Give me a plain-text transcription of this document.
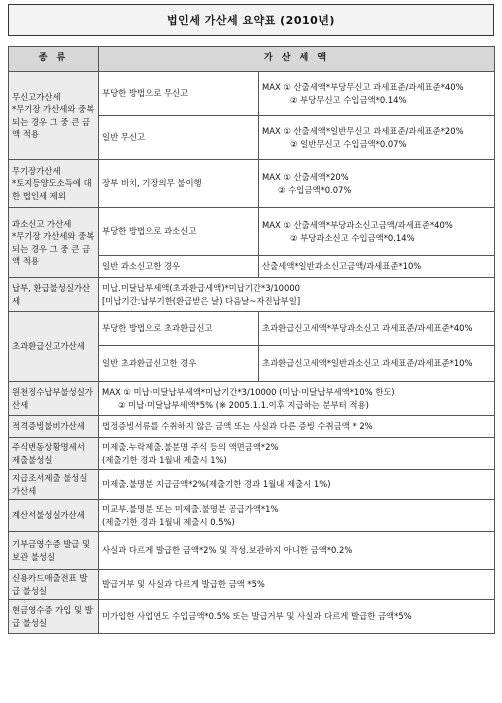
법인세 가산세 요약표 (2010년)
종 류	가 산 세 액	

무신고가산세
*무기장 가산세와 중복되는 경우 그 중 큰 금액 적용	부당한 방법으로 무신고	MAX ① 산출세액*부당무신고 과세표준/과세표준*40%
② 부당무신고 수입금액*0.14%

	일반 무신고	MAX ① 산출세액*일반무신고 과세표준/과세표준*20%
② 일반무신고 수입금액*0.07%

무기장가산세
*토지등양도소득에 대한 법인세 제외	장부 비치, 기장의무 불이행	MAX ① 산출세액*20%
② 수입금액*0.07%

과소신고 가산세
*무기장 가산세와 중복되는 경우 그 중 큰 금액 적용	부당한 방법으로 과소신고	MAX ① 산출세액*부당과소신고금액/과세표준*40%
② 부당과소신고 수입금액*0.14%

	일반 과소신고한 경우	산출세액*일반과소신고금액/과세표준*10%
납부, 환급불성실가산세	미납.미달납부세액(초과환급세액)*미납기간*3/10000
[미납기간:납부기한(환급받은 날) 다음날~자진납부일]	

초과환급신고가산세	부당한 방법으로 초과환급신고	초과환급신고세액*부당과소신고 과세표준/과세표준*40%
	일반 초과환급신고한 경우	초과환급신고세액*일반과소신고 과세표준/과세표준*10%
원천징수납부불성실가산세	MAX ① 미납·미달납부세액*미납기간*3/10000 (미납·미달납부세액*10% 한도)
② 미납·미달납부세액*5% (※ 2005.1.1.이후 지급하는 분부터 적용)	

적격증빙불비가산세	법정증빙서류를 수취하지 않은 금액 또는 사실과 다른 증빙 수취금액 * 2%	
주식변동상황명세서 제출불성실	미제출.누락제출.불분명 주식 등의 액면금액*2%
(제출기한 경과 1월내 제출시 1%)	

지급조서제출 불성실가산세	미제출.불명분 지급금액*2%(제출기한 경과 1월내 제출시 1%)	
계산서불성실가산세	미교부.불명분 또는 미제출.불명분 공급가액*1%
(제출기한 경과 1월내 제출시 0.5%)	

기부금영수증 발급 및 보관 불성실	사실과 다르게 발급한 금액*2% 및 작성.보관하지 아니한 금액*0.2%	
신용카드매출전표 발급 불성실	발급거부 및 사실과 다르게 발급한 금액 *5%	
현금영수증 가입 및 발급 불성실	미가입한 사업연도 수입금액*0.5% 또는 발급거부 및 사실과 다르게 발급한 금액*5%	
